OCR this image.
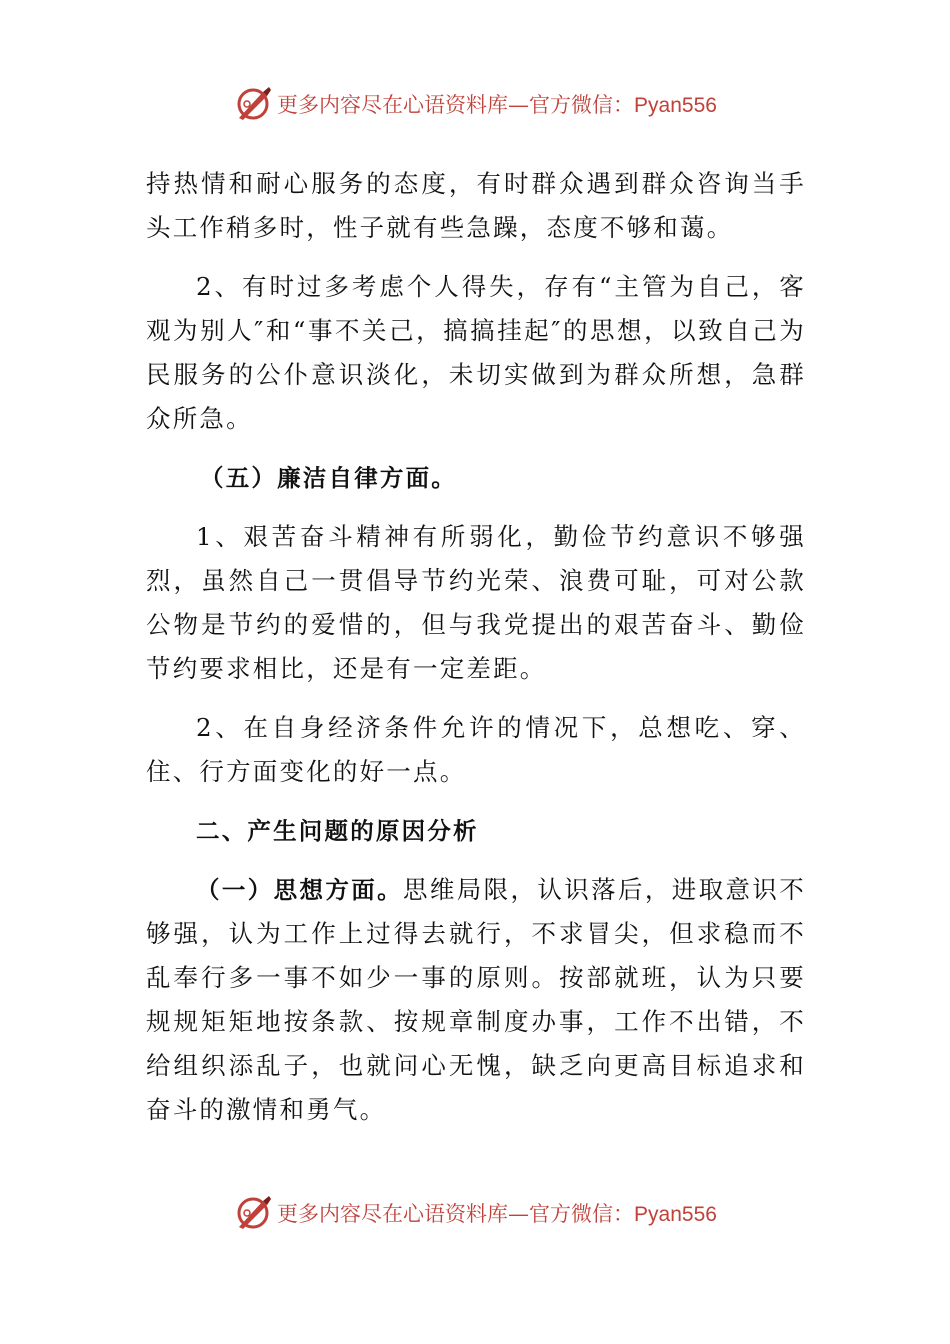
更多内容尽在心语资料库—官方微信：Pyan556

持热情和耐心服务的态度，有时群众遇到群众咨询当手头工作稍多时，性子就有些急躁，态度不够和蔼。

2、有时过多考虑个人得失，存有“主管为自己，客观为别人″和“事不关己，搞搞挂起″的思想，以致自己为民服务的公仆意识淡化，未切实做到为群众所想，急群众所急。

（五）廉洁自律方面。

1、艰苦奋斗精神有所弱化，勤俭节约意识不够强烈，虽然自己一贯倡导节约光荣、浪费可耻，可对公款公物是节约的爱惜的，但与我党提出的艰苦奋斗、勤俭节约要求相比，还是有一定差距。

2、在自身经济条件允许的情况下，总想吃、穿、住、行方面变化的好一点。

二、产生问题的原因分析

（一）思想方面。思维局限，认识落后，进取意识不够强，认为工作上过得去就行，不求冒尖，但求稳而不乱奉行多一事不如少一事的原则。按部就班，认为只要规规矩矩地按条款、按规章制度办事，工作不出错，不给组织添乱子，也就问心无愧，缺乏向更高目标追求和奋斗的激情和勇气。

更多内容尽在心语资料库—官方微信：Pyan556
